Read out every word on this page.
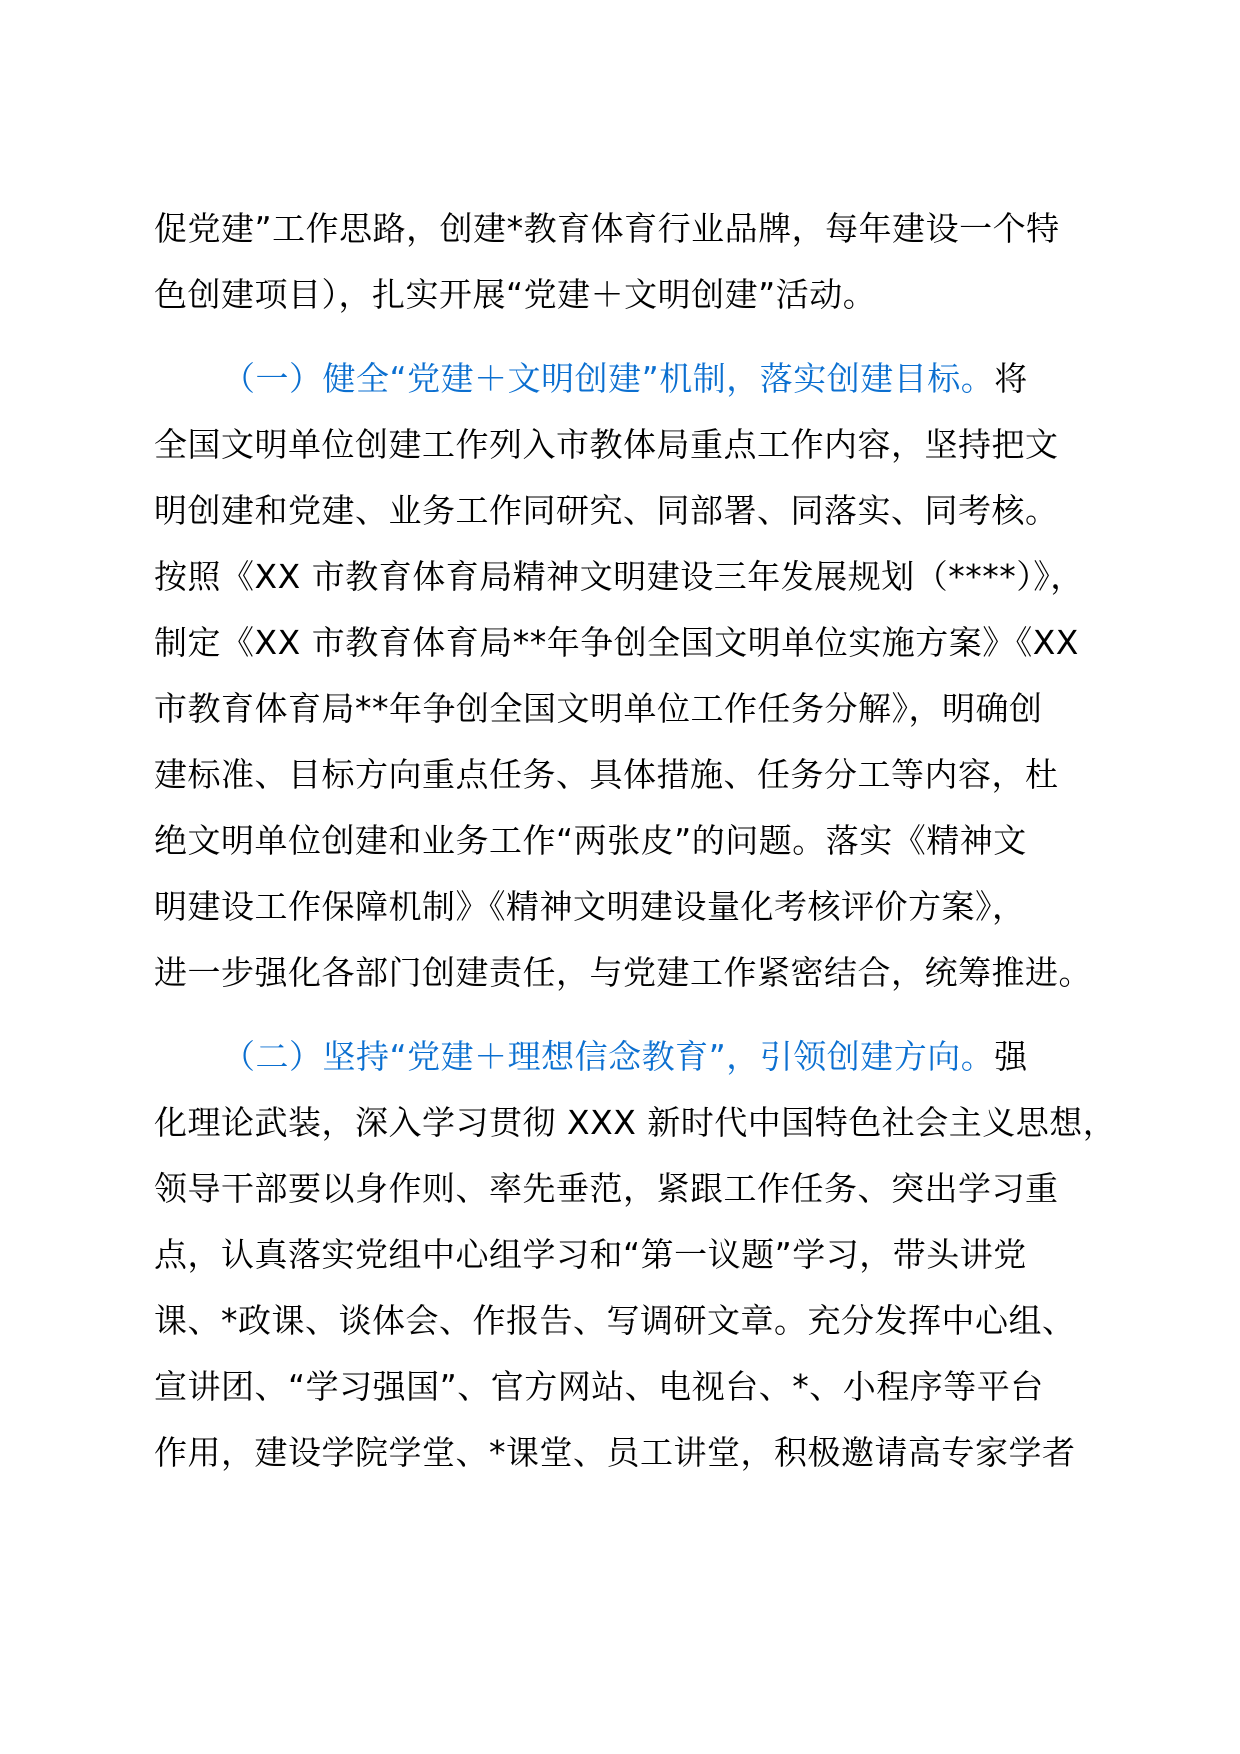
促党建”工作思路，创建*教育体育行业品牌，每年建设一个特
色创建项目），扎实开展“党建＋文明创建”活动。
（一）健全“党建＋文明创建”机制，落实创建目标。将
全国文明单位创建工作列入市教体局重点工作内容，坚持把文
明创建和党建、业务工作同研究、同部署、同落实、同考核。
按照《XX 市教育体育局精神文明建设三年发展规划（****）》，
制定《XX 市教育体育局**年争创全国文明单位实施方案》《XX
市教育体育局**年争创全国文明单位工作任务分解》，明确创
建标准、目标方向重点任务、具体措施、任务分工等内容，杜
绝文明单位创建和业务工作“两张皮”的问题。落实《精神文
明建设工作保障机制》《精神文明建设量化考核评价方案》，
进一步强化各部门创建责任，与党建工作紧密结合，统筹推进。
（二）坚持“党建＋理想信念教育”，引领创建方向。强
化理论武装，深入学习贯彻 XXX 新时代中国特色社会主义思想，
领导干部要以身作则、率先垂范，紧跟工作任务、突出学习重
点，认真落实党组中心组学习和“第一议题”学习，带头讲党
课、*政课、谈体会、作报告、写调研文章。充分发挥中心组、
宣讲团、“学习强国”、官方网站、电视台、*、小程序等平台
作用，建设学院学堂、*课堂、员工讲堂，积极邀请高专家学者
